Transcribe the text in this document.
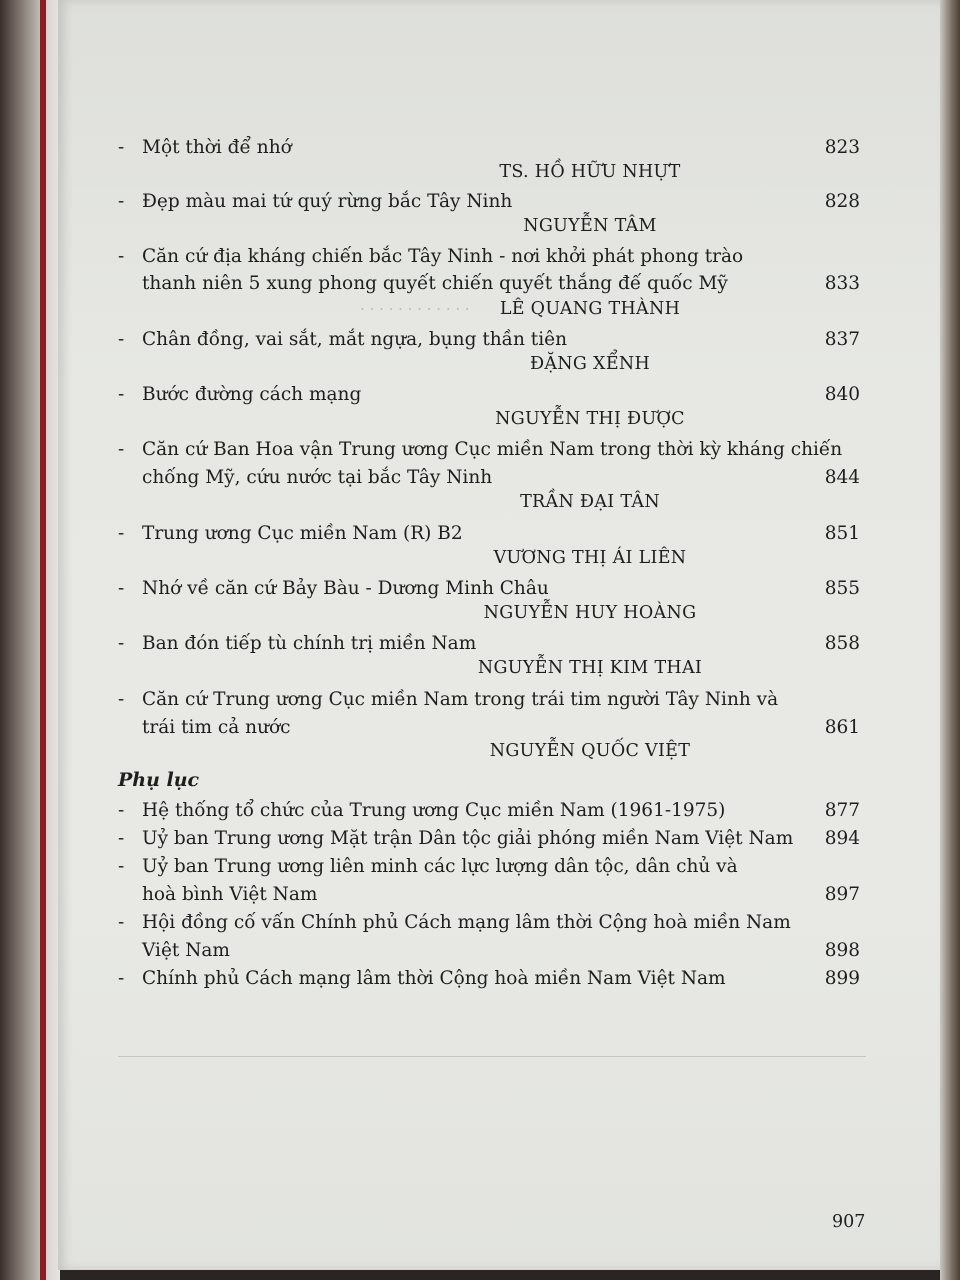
· · · · · · · · · · · ·
- Một thời để nhớ	823
TS. HỒ HỮU NHỰT
- Đẹp màu mai tứ quý rừng bắc Tây Ninh	828
NGUYỄN TÂM
- Căn cứ địa kháng chiến bắc Tây Ninh - nơi khởi phát phong trào
thanh niên 5 xung phong quyết chiến quyết thắng đế quốc Mỹ	833
LÊ QUANG THÀNH
- Chân đồng, vai sắt, mắt ngựa, bụng thần tiên	837
ĐẶNG XỂNH
- Bước đường cách mạng	840
NGUYỄN THỊ ĐƯỢC
- Căn cứ Ban Hoa vận Trung ương Cục miền Nam trong thời kỳ kháng chiến
chống Mỹ, cứu nước tại bắc Tây Ninh	844
TRẦN ĐẠI TÂN
- Trung ương Cục miền Nam (R) B2	851
VƯƠNG THỊ ÁI LIÊN
- Nhớ về căn cứ Bảy Bàu - Dương Minh Châu	855
NGUYỄN HUY HOÀNG
- Ban đón tiếp tù chính trị miền Nam	858
NGUYỄN THỊ KIM THAI
- Căn cứ Trung ương Cục miền Nam trong trái tim người Tây Ninh và
trái tim cả nước	861
NGUYỄN QUỐC VIỆT
Phụ lục
- Hệ thống tổ chức của Trung ương Cục miền Nam (1961-1975)	877
- Uỷ ban Trung ương Mặt trận Dân tộc giải phóng miền Nam Việt Nam 894
- Uỷ ban Trung ương liên minh các lực lượng dân tộc, dân chủ và
hoà bình Việt Nam	897
- Hội đồng cố vấn Chính phủ Cách mạng lâm thời Cộng hoà miền Nam
Việt Nam	898
- Chính phủ Cách mạng lâm thời Cộng hoà miền Nam Việt Nam	899
907
